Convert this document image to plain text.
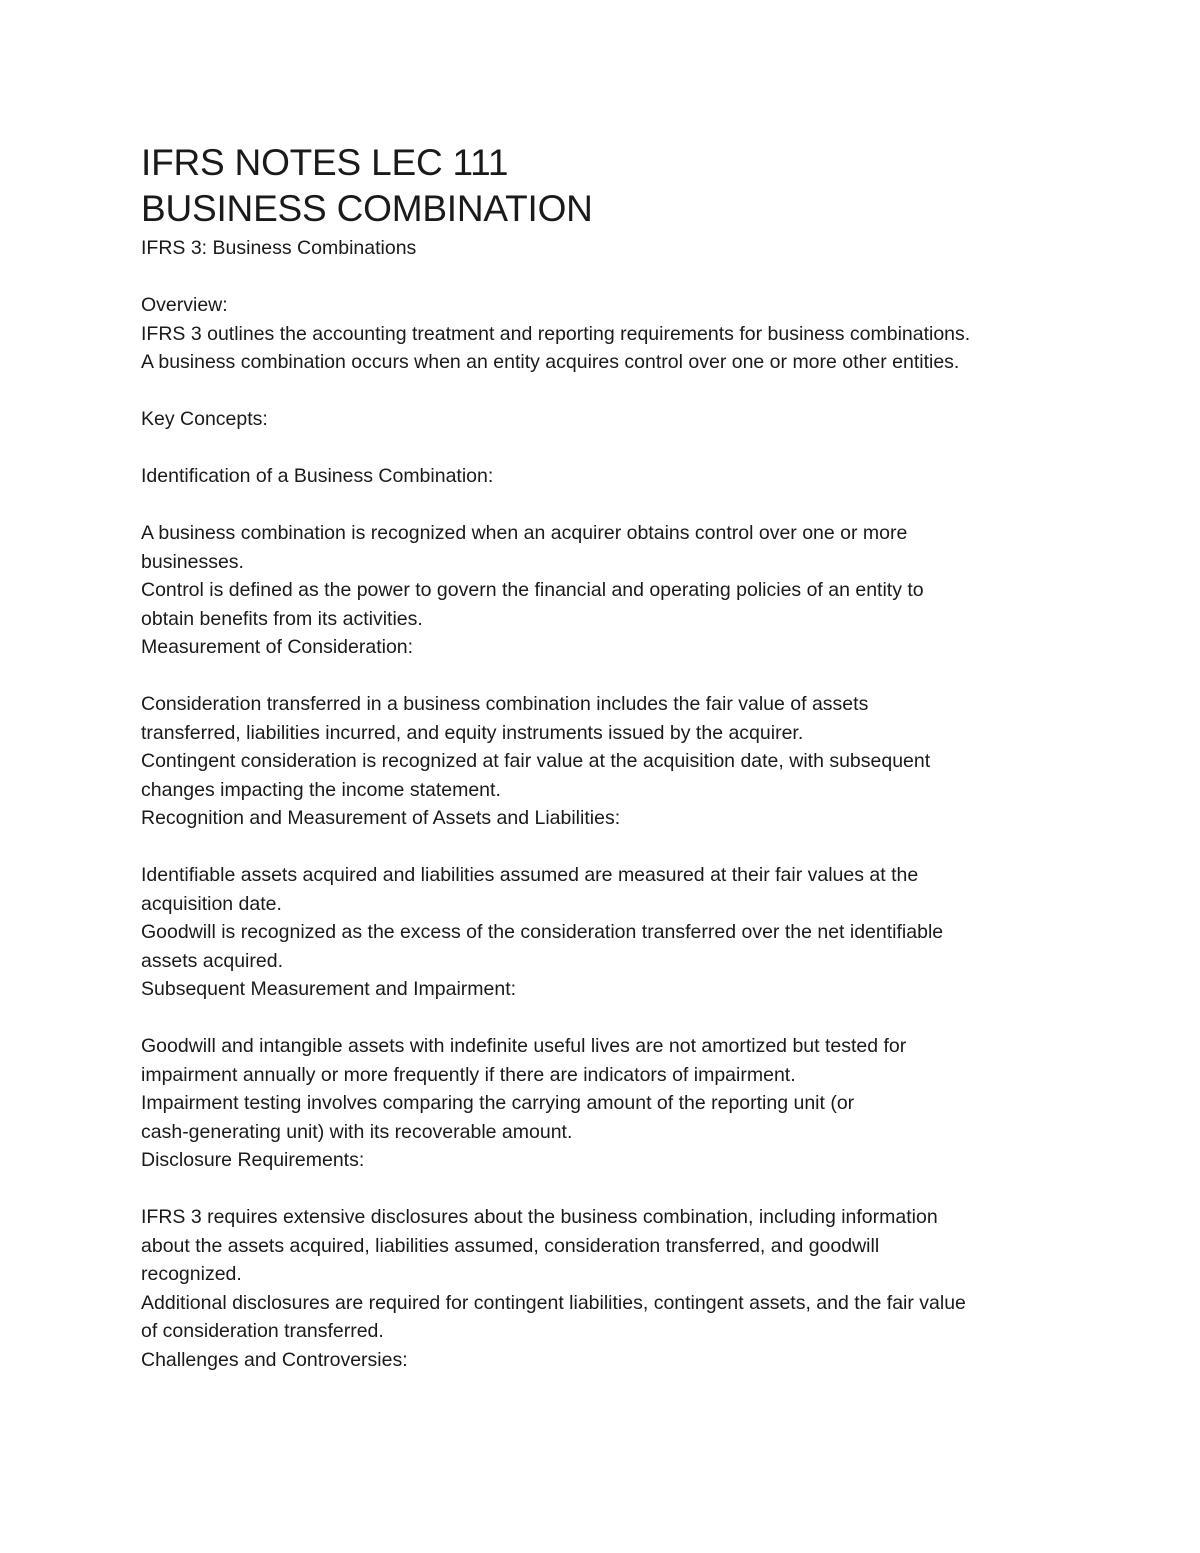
IFRS NOTES LEC 111

BUSINESS COMBINATION

IFRS 3: Business Combinations

Overview:

IFRS 3 outlines the accounting treatment and reporting requirements for business combinations.

A business combination occurs when an entity acquires control over one or more other entities.

Key Concepts:

Identification of a Business Combination:

A business combination is recognized when an acquirer obtains control over one or more

businesses.

Control is defined as the power to govern the financial and operating policies of an entity to

obtain benefits from its activities.

Measurement of Consideration:

Consideration transferred in a business combination includes the fair value of assets

transferred, liabilities incurred, and equity instruments issued by the acquirer.

Contingent consideration is recognized at fair value at the acquisition date, with subsequent

changes impacting the income statement.

Recognition and Measurement of Assets and Liabilities:

Identifiable assets acquired and liabilities assumed are measured at their fair values at the

acquisition date.

Goodwill is recognized as the excess of the consideration transferred over the net identifiable

assets acquired.

Subsequent Measurement and Impairment:

Goodwill and intangible assets with indefinite useful lives are not amortized but tested for

impairment annually or more frequently if there are indicators of impairment.

Impairment testing involves comparing the carrying amount of the reporting unit (or

cash-generating unit) with its recoverable amount.

Disclosure Requirements:

IFRS 3 requires extensive disclosures about the business combination, including information

about the assets acquired, liabilities assumed, consideration transferred, and goodwill

recognized.

Additional disclosures are required for contingent liabilities, contingent assets, and the fair value

of consideration transferred.

Challenges and Controversies:
